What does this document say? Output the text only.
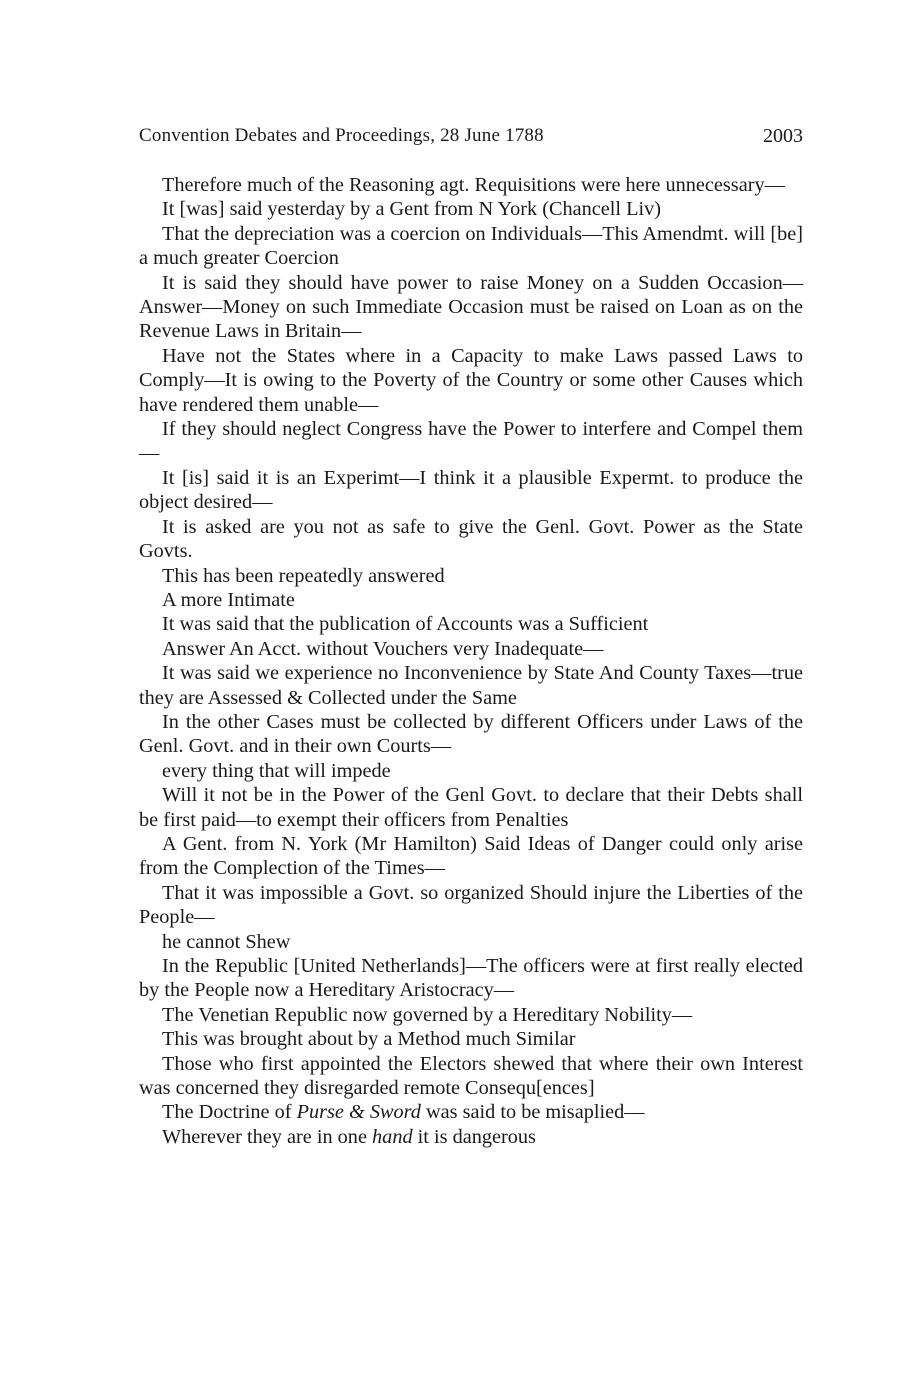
Convention Debates and Proceedings, 28 June 1788	2003

Therefore much of the Reasoning agt. Requisitions were here unnecessary—

It [was] said yesterday by a Gent from N York (Chancell Liv)

That the depreciation was a coercion on Individuals—This Amendmt. will [be] a much greater Coercion

It is said they should have power to raise Money on a Sudden Occasion—Answer—Money on such Immediate Occasion must be raised on Loan as on the Revenue Laws in Britain—

Have not the States where in a Capacity to make Laws passed Laws to Comply—It is owing to the Poverty of the Country or some other Causes which have rendered them unable—

If they should neglect Congress have the Power to interfere and Compel them—

It [is] said it is an Experimt—I think it a plausible Expermt. to produce the object desired—

It is asked are you not as safe to give the Genl. Govt. Power as the State Govts.

This has been repeatedly answered

A more Intimate

It was said that the publication of Accounts was a Sufficient

Answer An Acct. without Vouchers very Inadequate—

It was said we experience no Inconvenience by State And County Taxes—true they are Assessed & Collected under the Same

In the other Cases must be collected by different Officers under Laws of the Genl. Govt. and in their own Courts—

every thing that will impede

Will it not be in the Power of the Genl Govt. to declare that their Debts shall be first paid—to exempt their officers from Penalties

A Gent. from N. York (Mr Hamilton) Said Ideas of Danger could only arise from the Complection of the Times—

That it was impossible a Govt. so organized Should injure the Liberties of the People—

he cannot Shew

In the Republic [United Netherlands]—The officers were at first really elected by the People now a Hereditary Aristocracy—

The Venetian Republic now governed by a Hereditary Nobility—

This was brought about by a Method much Similar

Those who first appointed the Electors shewed that where their own Interest was concerned they disregarded remote Consequ[ences]

The Doctrine of Purse & Sword was said to be misaplied—

Wherever they are in one hand it is dangerous
